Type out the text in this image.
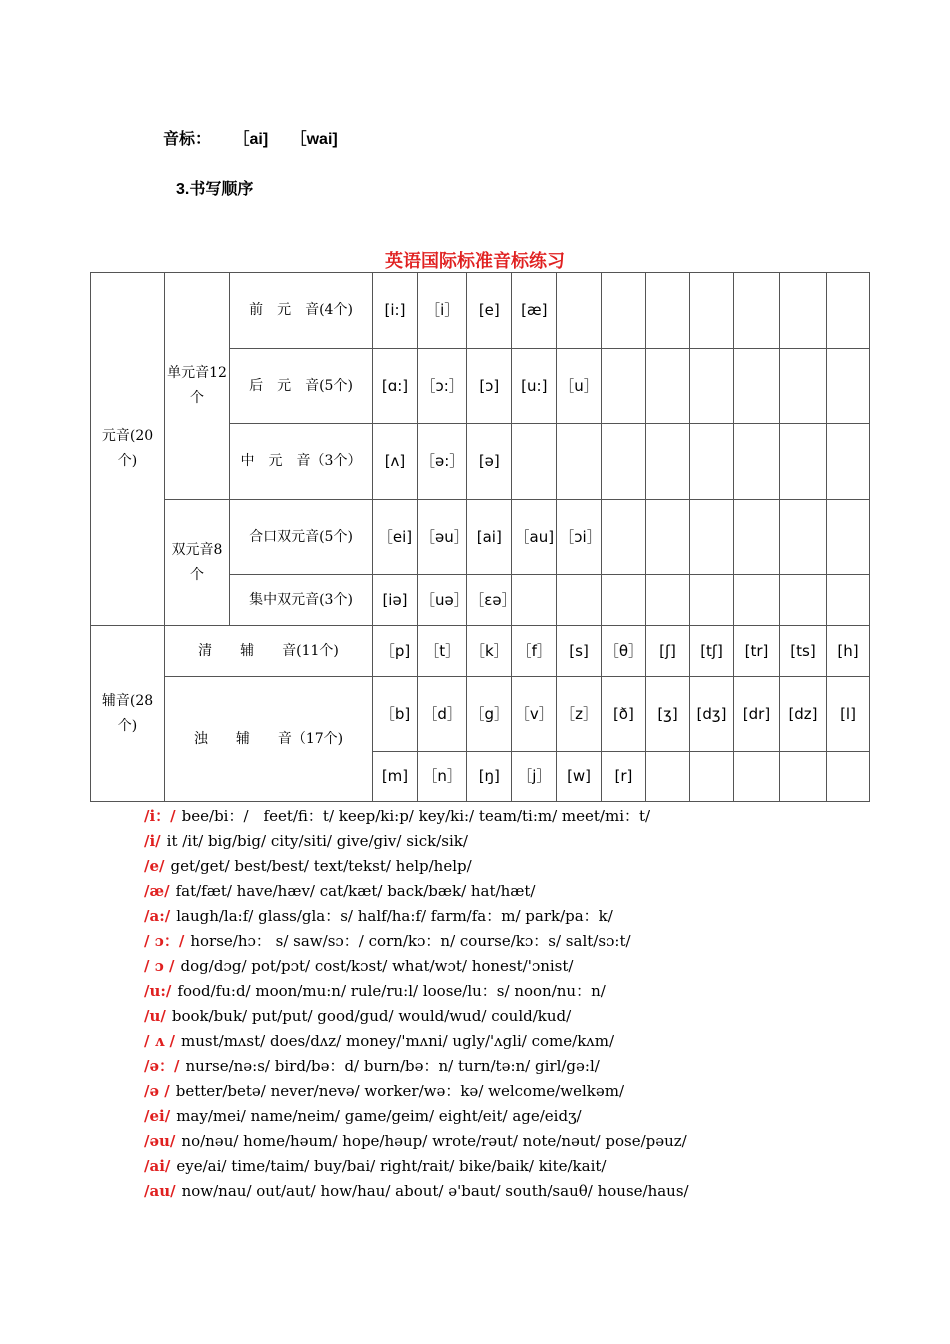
音标： ［ai] ［wai]
3.书写顺序
英语国际标准音标练习
元音(20个)	单元音12个	前　元　音(4个)	[i:]	［i］	[e]	[æ]							
		后　元　音(5个)	[ɑ:]	［ɔ:］	[ɔ]	[u:]	［u］						
		中　元　音（3个）	[ʌ]	［ə:］	[ə]								
	双元音8个	合口双元音(5个)	［ei]	［əu］	[ai]	［au]	［ɔi］						
		集中双元音(3个)	[iə]	［uə］	［εə］								
辅音(28个)	清　　辅　　音(11个)		［p]	［t］	［k］	［f］	[s]	［θ］	[ʃ]	[tʃ]	[tr]	[ts]	[h]
	浊　　辅　　音（17个)		［b]	［d］	［g］	［v］	［z］	[ð]	[ʒ]	[dʒ]	[dr]	[dz]	[l]
			[m]	［n］	[ŋ]	［j］	[w]	[r]					
/i：/ bee/bi：/　feet/fi：t/ keep/ki:p/ key/ki:/ team/ti:m/ meet/mi：t/
/i/ it /it/ big/big/ city/siti/ give/giv/ sick/sik/
/e/ get/get/ best/best/ text/tekst/ help/help/
/æ/ fat/fæt/ have/hæv/ cat/kæt/ back/bæk/ hat/hæt/
/a:/ laugh/la:f/ glass/gla：s/ half/ha:f/ farm/fa：m/ park/pa：k/
/ ɔ：/ horse/hɔ： s/ saw/sɔ：/ corn/kɔ：n/ course/kɔ：s/ salt/sɔ:t/
/ ɔ / dog/dɔg/ pot/pɔt/ cost/kɔst/ what/wɔt/ honest/'ɔnist/
/u:/ food/fu:d/ moon/mu:n/ rule/ru:l/ loose/lu：s/ noon/nu：n/
/u/ book/buk/ put/put/ good/gud/ would/wud/ could/kud/
/ ʌ / must/mʌst/ does/dʌz/ money/'mʌni/ ugly/'ʌgli/ come/kʌm/
/ə：/ nurse/nə:s/ bird/bə：d/ burn/bə：n/ turn/tə:n/ girl/gə:l/
/ə / better/betə/ never/nevə/ worker/wə：kə/ welcome/welkəm/
/ei/ may/mei/ name/neim/ game/geim/ eight/eit/ age/eidʒ/
/əu/ no/nəu/ home/həum/ hope/həup/ wrote/rəut/ note/nəut/ pose/pəuz/
/ai/ eye/ai/ time/taim/ buy/bai/ right/rait/ bike/baik/ kite/kait/
/au/ now/nau/ out/aut/ how/hau/ about/ ə'baut/ south/sauθ/ house/haus/
